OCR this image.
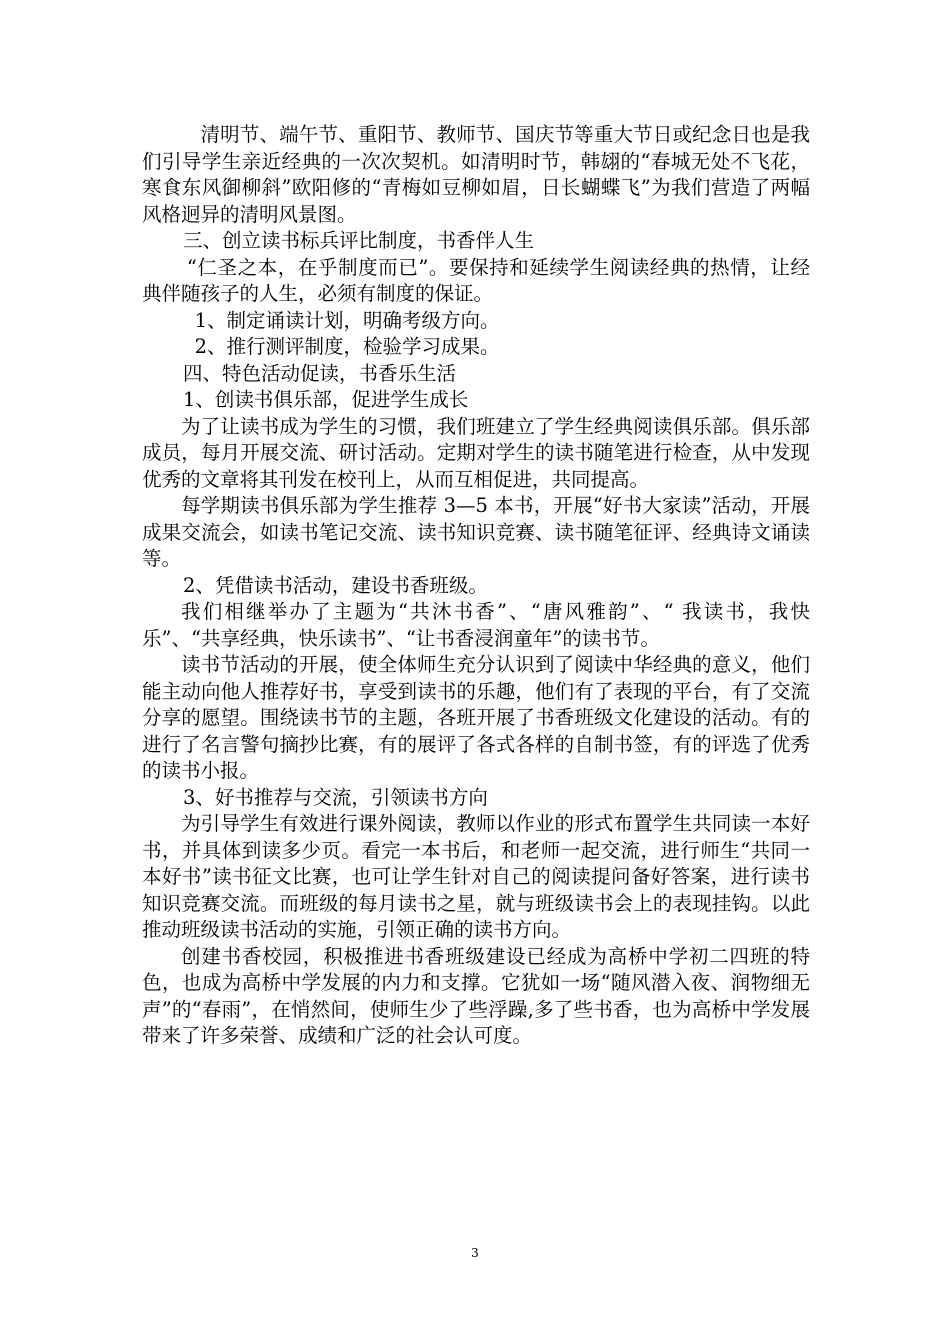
清明节、端午节、重阳节、教师节、国庆节等重大节日或纪念日也是我们引导学生亲近经典的一次次契机。如清明时节，韩翃的“春城无处不飞花，寒食东风御柳斜”欧阳修的“青梅如豆柳如眉，日长蝴蝶飞”为我们营造了两幅风格迥异的清明风景图。

三、创立读书标兵评比制度，书香伴人生

“仁圣之本，在乎制度而已”。要保持和延续学生阅读经典的热情，让经典伴随孩子的人生，必须有制度的保证。

1、制定诵读计划，明确考级方向。

2、推行测评制度，检验学习成果。

四、特色活动促读，书香乐生活

1、创读书俱乐部，促进学生成长

为了让读书成为学生的习惯，我们班建立了学生经典阅读俱乐部。俱乐部成员，每月开展交流、研讨活动。定期对学生的读书随笔进行检查，从中发现优秀的文章将其刊发在校刊上，从而互相促进，共同提高。

每学期读书俱乐部为学生推荐 3—5 本书，开展“好书大家读”活动，开展成果交流会，如读书笔记交流、读书知识竞赛、读书随笔征评、经典诗文诵读等。

2、凭借读书活动，建设书香班级。

我们相继举办了主题为“共沐书香”、“唐风雅韵”、“ 我读书，我快乐”、“共享经典，快乐读书”、“让书香浸润童年”的读书节。

读书节活动的开展，使全体师生充分认识到了阅读中华经典的意义，他们能主动向他人推荐好书，享受到读书的乐趣，他们有了表现的平台，有了交流分享的愿望。围绕读书节的主题，各班开展了书香班级文化建设的活动。有的进行了名言警句摘抄比赛，有的展评了各式各样的自制书签，有的评选了优秀的读书小报。

3、好书推荐与交流，引领读书方向

为引导学生有效进行课外阅读，教师以作业的形式布置学生共同读一本好书，并具体到读多少页。看完一本书后，和老师一起交流，进行师生“共同一本好书”读书征文比赛，也可让学生针对自己的阅读提问备好答案，进行读书知识竞赛交流。而班级的每月读书之星，就与班级读书会上的表现挂钩。以此推动班级读书活动的实施，引领正确的读书方向。

创建书香校园，积极推进书香班级建设已经成为高桥中学初二四班的特色，也成为高桥中学发展的内力和支撑。它犹如一场“随风潜入夜、润物细无声”的“春雨”，在悄然间，使师生少了些浮躁,多了些书香，也为高桥中学发展带来了许多荣誉、成绩和广泛的社会认可度。

3
